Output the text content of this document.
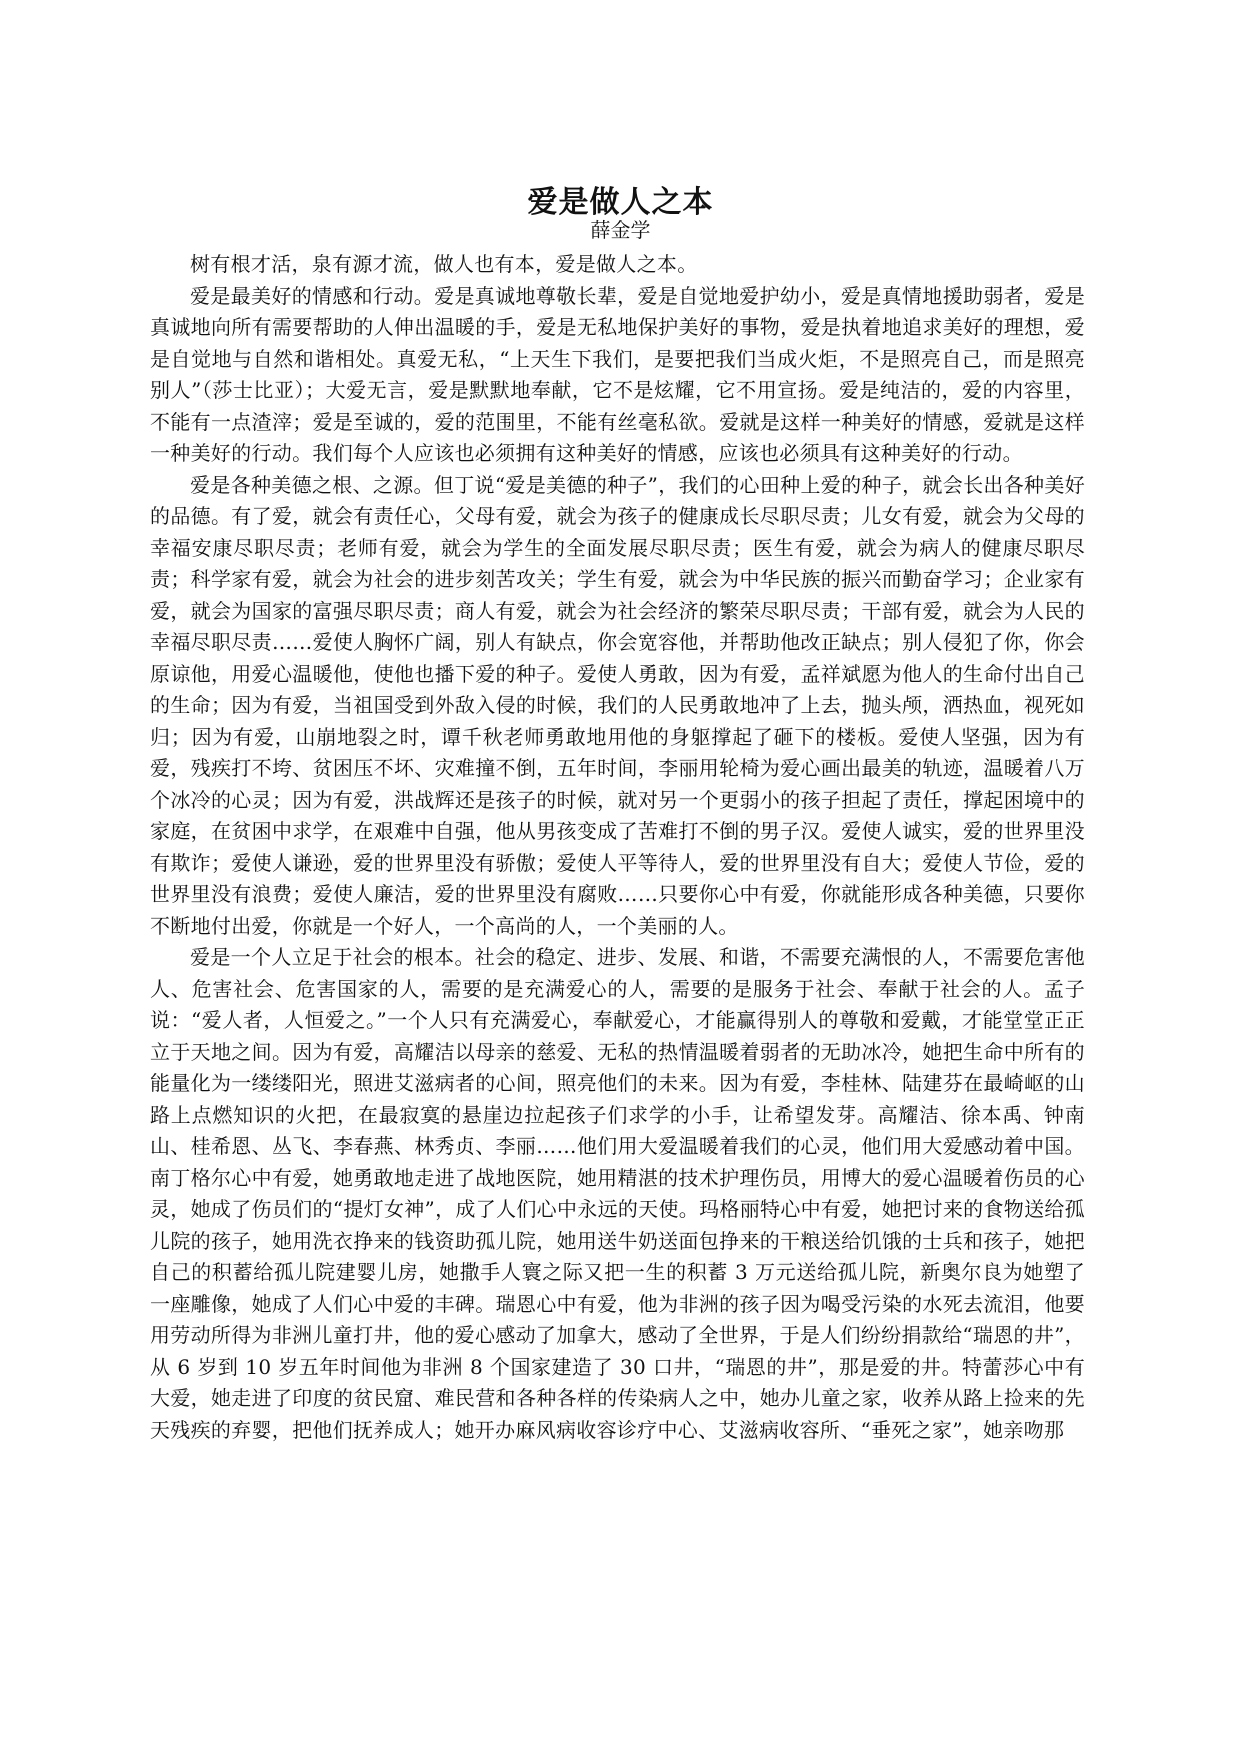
爱是做人之本
薛金学

树有根才活，泉有源才流，做人也有本，爱是做人之本。

爱是最美好的情感和行动。爱是真诚地尊敬长辈，爱是自觉地爱护幼小，爱是真情地援助弱者，爱是真诚地向所有需要帮助的人伸出温暖的手，爱是无私地保护美好的事物，爱是执着地追求美好的理想，爱是自觉地与自然和谐相处。真爱无私，“上天生下我们，是要把我们当成火炬，不是照亮自己，而是照亮别人”（莎士比亚）；大爱无言，爱是默默地奉献，它不是炫耀，它不用宣扬。爱是纯洁的，爱的内容里，不能有一点渣滓；爱是至诚的，爱的范围里，不能有丝毫私欲。爱就是这样一种美好的情感，爱就是这样一种美好的行动。我们每个人应该也必须拥有这种美好的情感，应该也必须具有这种美好的行动。

爱是各种美德之根、之源。但丁说“爱是美德的种子”，我们的心田种上爱的种子，就会长出各种美好的品德。有了爱，就会有责任心，父母有爱，就会为孩子的健康成长尽职尽责；儿女有爱，就会为父母的幸福安康尽职尽责；老师有爱，就会为学生的全面发展尽职尽责；医生有爱，就会为病人的健康尽职尽责；科学家有爱，就会为社会的进步刻苦攻关；学生有爱，就会为中华民族的振兴而勤奋学习；企业家有爱，就会为国家的富强尽职尽责；商人有爱，就会为社会经济的繁荣尽职尽责；干部有爱，就会为人民的幸福尽职尽责……爱使人胸怀广阔，别人有缺点，你会宽容他，并帮助他改正缺点；别人侵犯了你，你会原谅他，用爱心温暖他，使他也播下爱的种子。爱使人勇敢，因为有爱，孟祥斌愿为他人的生命付出自己的生命；因为有爱，当祖国受到外敌入侵的时候，我们的人民勇敢地冲了上去，抛头颅，洒热血，视死如归；因为有爱，山崩地裂之时，谭千秋老师勇敢地用他的身躯撑起了砸下的楼板。爱使人坚强，因为有爱，残疾打不垮、贫困压不坏、灾难撞不倒，五年时间，李丽用轮椅为爱心画出最美的轨迹，温暖着八万个冰冷的心灵；因为有爱，洪战辉还是孩子的时候，就对另一个更弱小的孩子担起了责任，撑起困境中的家庭，在贫困中求学，在艰难中自强，他从男孩变成了苦难打不倒的男子汉。爱使人诚实，爱的世界里没有欺诈；爱使人谦逊，爱的世界里没有骄傲；爱使人平等待人，爱的世界里没有自大；爱使人节俭，爱的世界里没有浪费；爱使人廉洁，爱的世界里没有腐败……只要你心中有爱，你就能形成各种美德，只要你不断地付出爱，你就是一个好人，一个高尚的人，一个美丽的人。

爱是一个人立足于社会的根本。社会的稳定、进步、发展、和谐，不需要充满恨的人，不需要危害他人、危害社会、危害国家的人，需要的是充满爱心的人，需要的是服务于社会、奉献于社会的人。孟子说：“爱人者，人恒爱之。”一个人只有充满爱心，奉献爱心，才能赢得别人的尊敬和爱戴，才能堂堂正正立于天地之间。因为有爱，高耀洁以母亲的慈爱、无私的热情温暖着弱者的无助冰冷，她把生命中所有的能量化为一缕缕阳光，照进艾滋病者的心间，照亮他们的未来。因为有爱，李桂林、陆建芬在最崎岖的山路上点燃知识的火把，在最寂寞的悬崖边拉起孩子们求学的小手，让希望发芽。高耀洁、徐本禹、钟南山、桂希恩、丛飞、李春燕、林秀贞、李丽……他们用大爱温暖着我们的心灵，他们用大爱感动着中国。南丁格尔心中有爱，她勇敢地走进了战地医院，她用精湛的技术护理伤员，用博大的爱心温暖着伤员的心灵，她成了伤员们的“提灯女神”，成了人们心中永远的天使。玛格丽特心中有爱，她把讨来的食物送给孤儿院的孩子，她用洗衣挣来的钱资助孤儿院，她用送牛奶送面包挣来的干粮送给饥饿的士兵和孩子，她把自己的积蓄给孤儿院建婴儿房，她撒手人寰之际又把一生的积蓄 3 万元送给孤儿院，新奥尔良为她塑了一座雕像，她成了人们心中爱的丰碑。瑞恩心中有爱，他为非洲的孩子因为喝受污染的水死去流泪，他要用劳动所得为非洲儿童打井，他的爱心感动了加拿大，感动了全世界，于是人们纷纷捐款给“瑞恩的井”，从 6 岁到 10 岁五年时间他为非洲 8 个国家建造了 30 口井，“瑞恩的井”，那是爱的井。特蕾莎心中有大爱，她走进了印度的贫民窟、难民营和各种各样的传染病人之中，她办儿童之家，收养从路上捡来的先天残疾的弃婴，把他们抚养成人；她开办麻风病收容诊疗中心、艾滋病收容所、“垂死之家”，她亲吻那
